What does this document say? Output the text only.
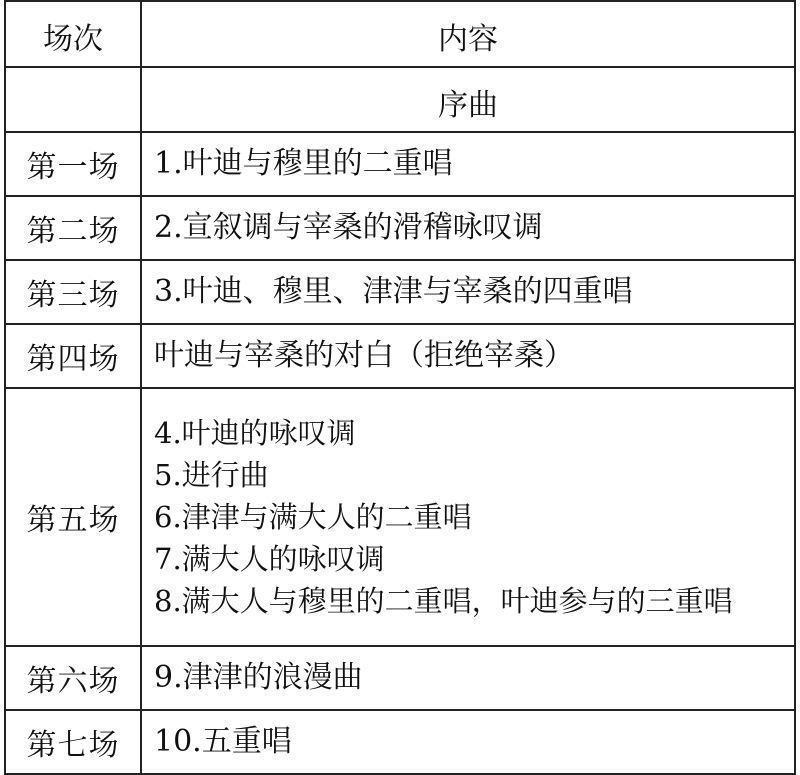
场次	内容

	序曲

第一场	1.叶迪与穆里的二重唱

第二场	2.宣叙调与宰桑的滑稽咏叹调

第三场	3.叶迪、穆里、津津与宰桑的四重唱

第四场	叶迪与宰桑的对白（拒绝宰桑）

第五场	4.叶迪的咏叹调
5.进行曲
6.津津与满大人的二重唱
7.满大人的咏叹调
8.满大人与穆里的二重唱，叶迪参与的三重唱

第六场	9.津津的浪漫曲

第七场	10.五重唱
